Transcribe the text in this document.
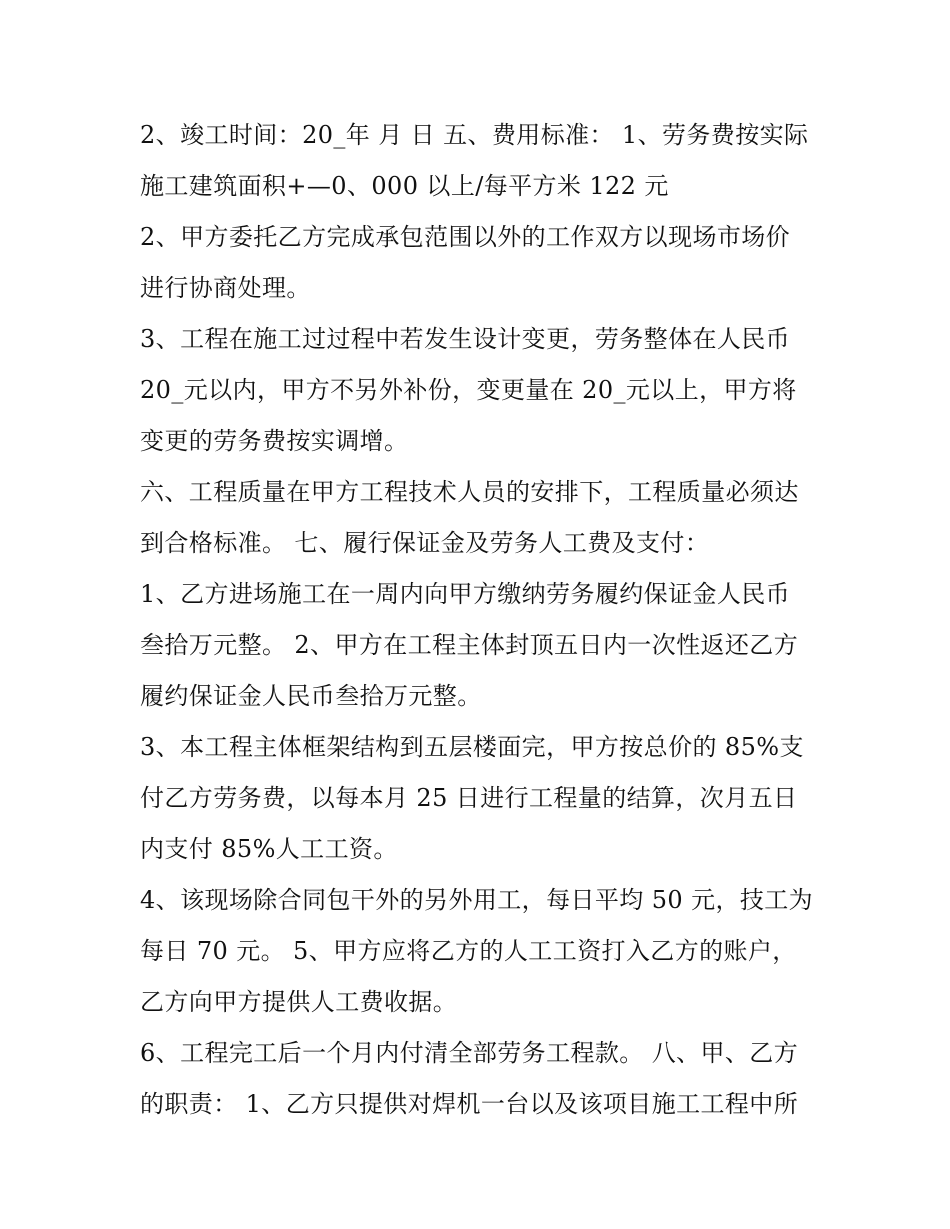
2、竣工时间：20_年 月 日 五、费用标准： 1、劳务费按实际
施工建筑面积+—0、000 以上/每平方米 122 元
2、甲方委托乙方完成承包范围以外的工作双方以现场市场价
进行协商处理。
3、工程在施工过过程中若发生设计变更，劳务整体在人民币
20_元以内，甲方不另外补份，变更量在 20_元以上，甲方将
变更的劳务费按实调增。
六、工程质量在甲方工程技术人员的安排下，工程质量必须达
到合格标准。 七、履行保证金及劳务人工费及支付：
1、乙方进场施工在一周内向甲方缴纳劳务履约保证金人民币
叁拾万元整。 2、甲方在工程主体封顶五日内一次性返还乙方
履约保证金人民币叁拾万元整。
3、本工程主体框架结构到五层楼面完，甲方按总价的 85%支
付乙方劳务费，以每本月 25 日进行工程量的结算，次月五日
内支付 85%人工工资。
4、该现场除合同包干外的另外用工，每日平均 50 元，技工为
每日 70 元。 5、甲方应将乙方的人工工资打入乙方的账户，
乙方向甲方提供人工费收据。
6、工程完工后一个月内付清全部劳务工程款。 八、甲、乙方
的职责： 1、乙方只提供对焊机一台以及该项目施工工程中所
